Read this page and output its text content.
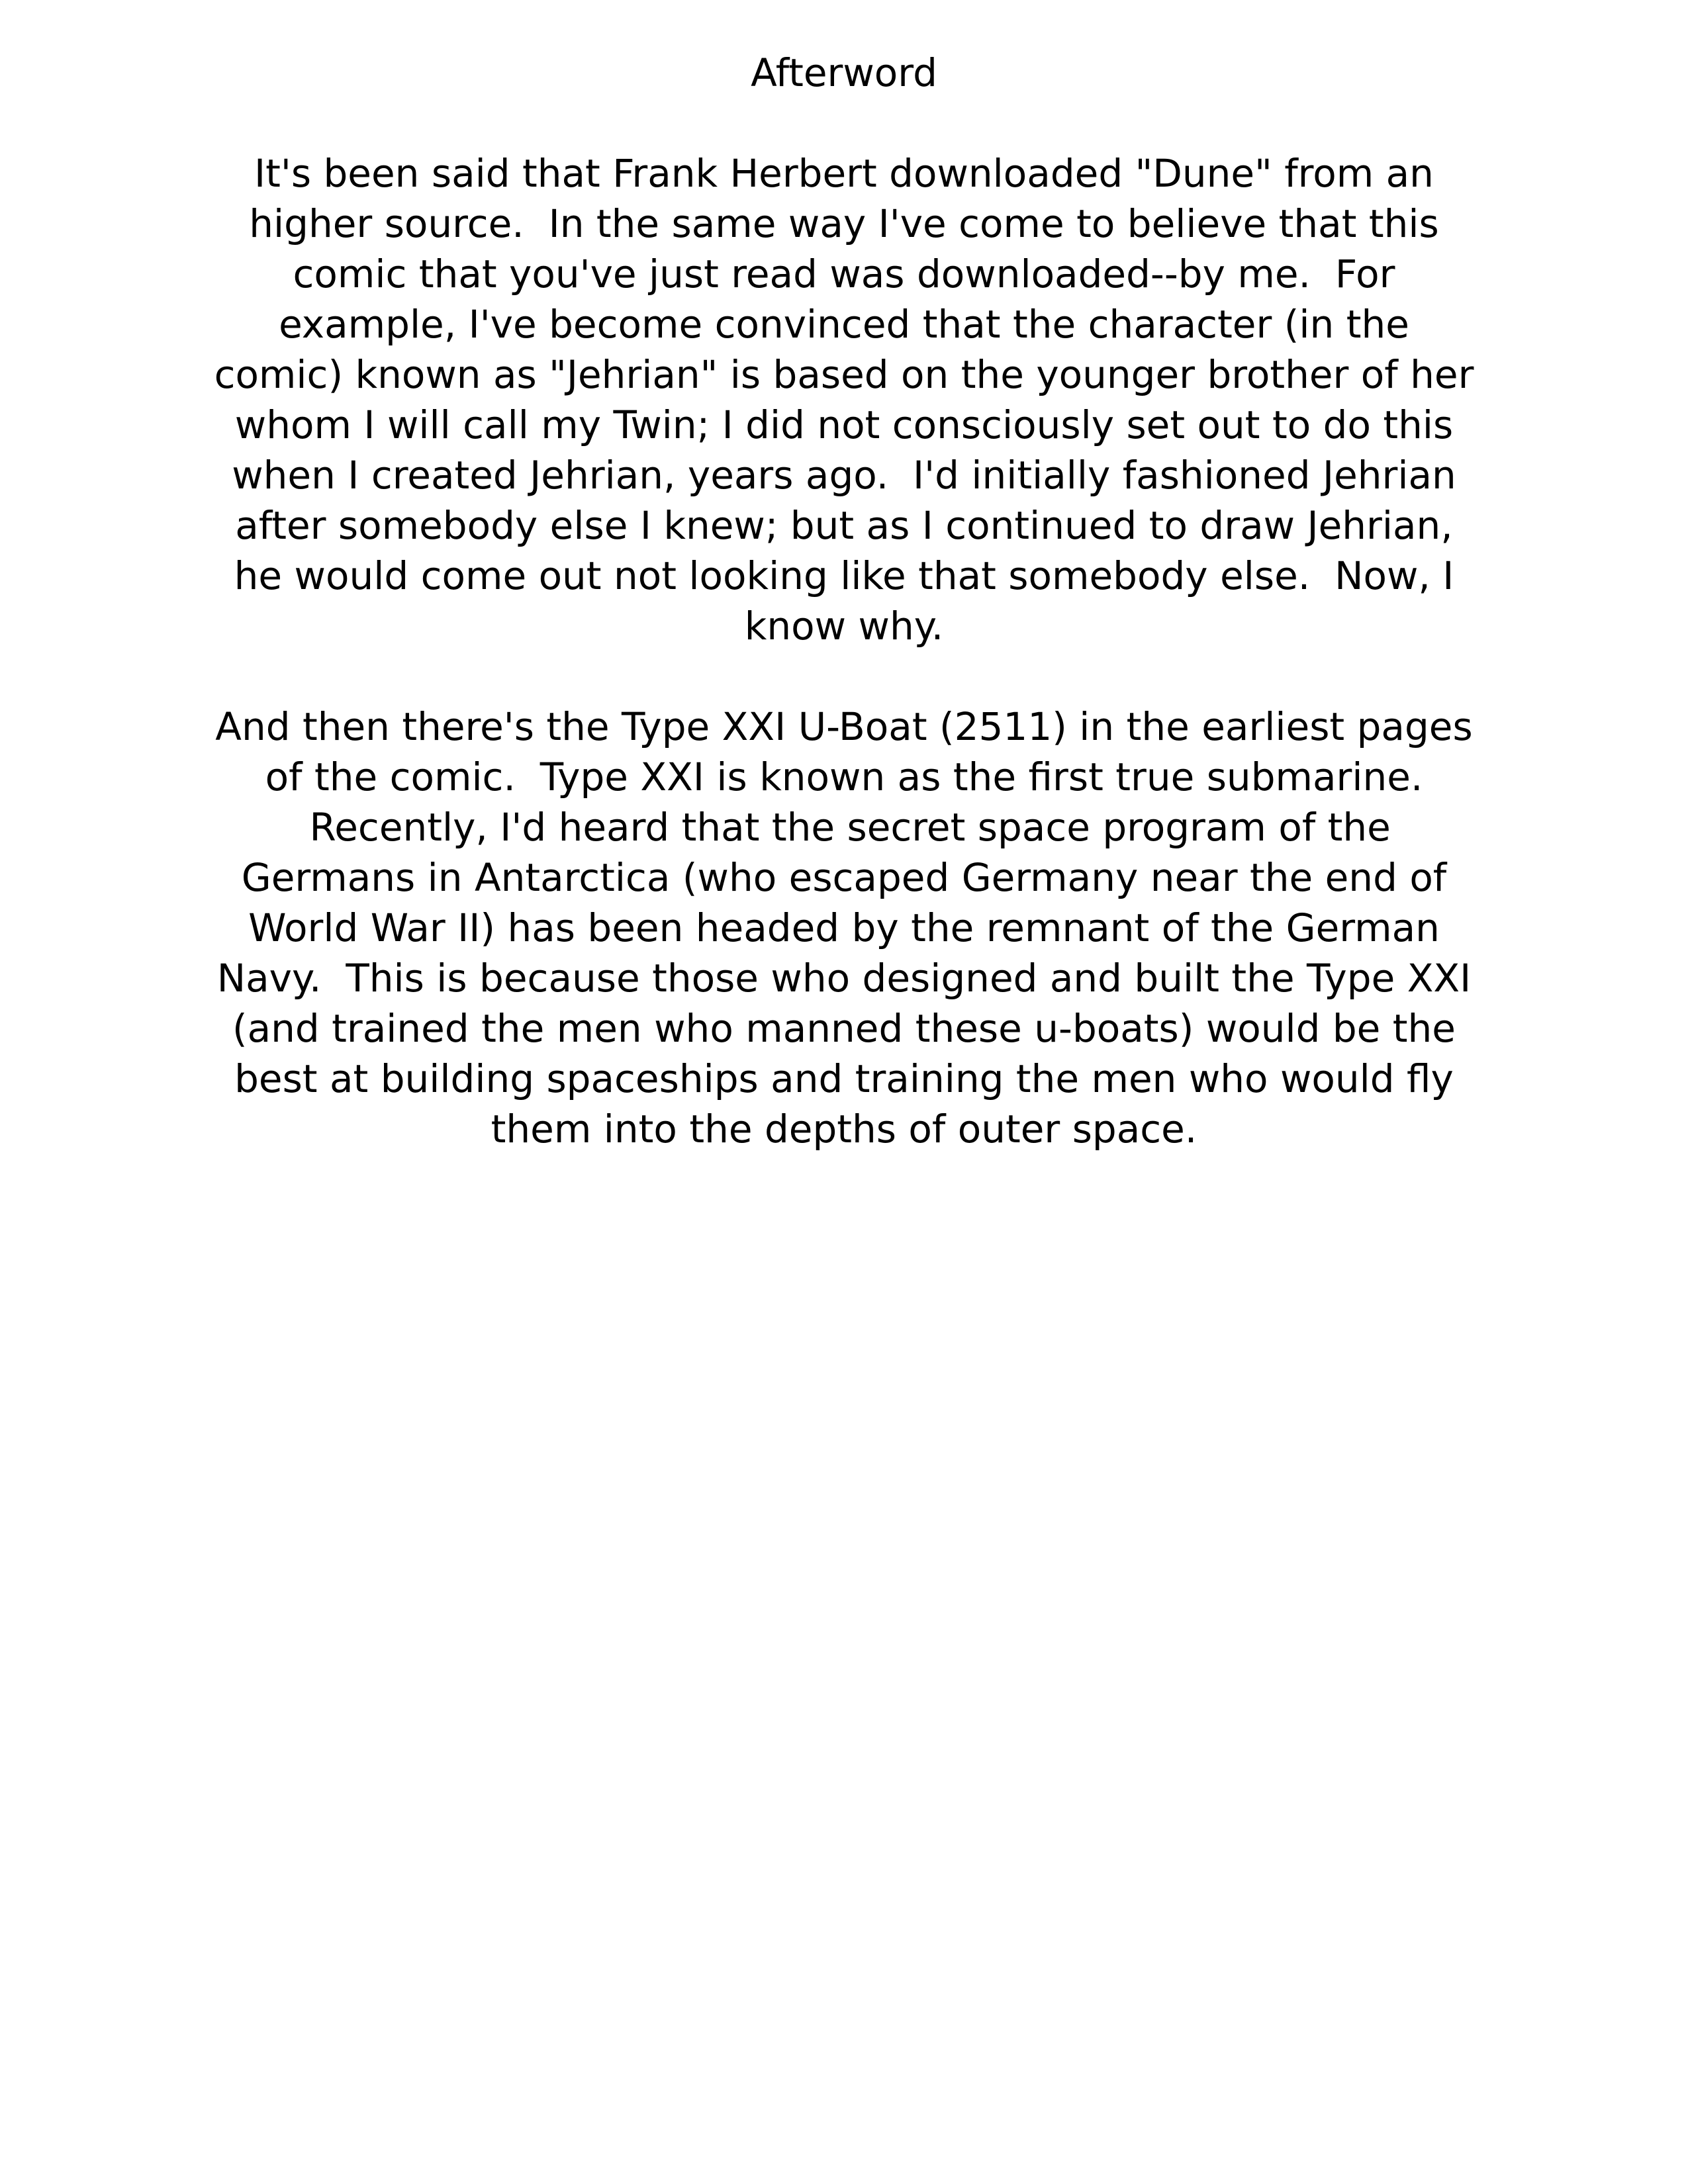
Afterword
It's been said that Frank Herbert downloaded "Dune" from an
higher source.  In the same way I've come to believe that this
comic that you've just read was downloaded--by me.  For
example, I've become convinced that the character (in the
comic) known as "Jehrian" is based on the younger brother of her
whom I will call my Twin; I did not consciously set out to do this
when I created Jehrian, years ago.  I'd initially fashioned Jehrian
after somebody else I knew; but as I continued to draw Jehrian,
he would come out not looking like that somebody else.  Now, I
know why.
And then there's the Type XXI U-Boat (2511) in the earliest pages
of the comic.  Type XXI is known as the first true submarine.
Recently, I'd heard that the secret space program of the
Germans in Antarctica (who escaped Germany near the end of
World War II) has been headed by the remnant of the German
Navy.  This is because those who designed and built the Type XXI
(and trained the men who manned these u-boats) would be the
best at building spaceships and training the men who would fly
them into the depths of outer space.
